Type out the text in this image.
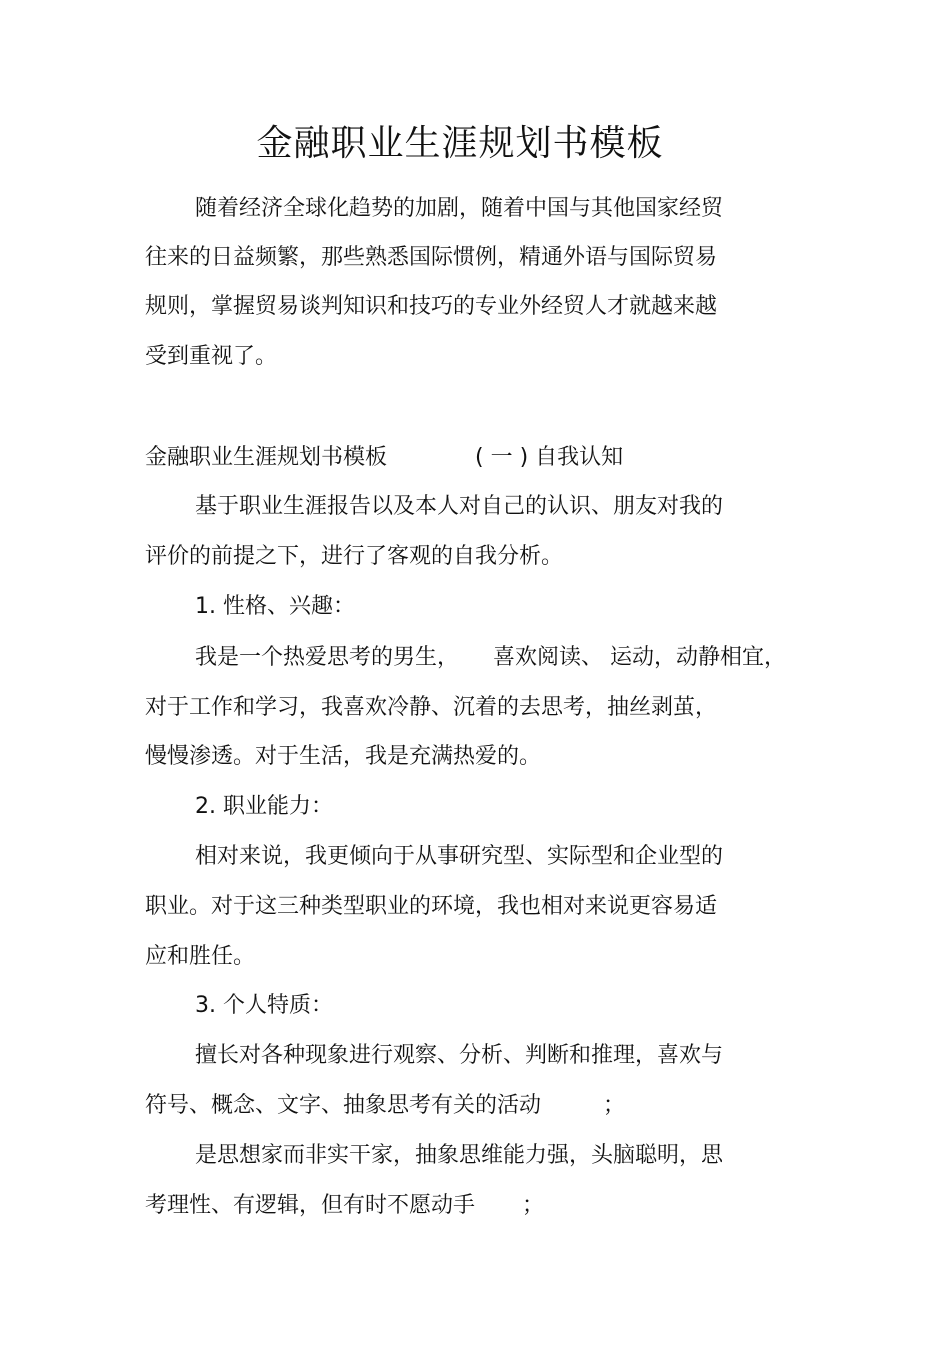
金融职业生涯规划书模板
随着经济全球化趋势的加剧，随着中国与其他国家经贸
往来的日益频繁，那些熟悉国际惯例，精通外语与国际贸易
规则，掌握贸易谈判知识和技巧的专业外经贸人才就越来越
受到重视了。
金融职业生涯规划书模板	( 一 ) 自我认知
基于职业生涯报告以及本人对自己的认识、朋友对我的
评价的前提之下，进行了客观的自我分析。
1. 性格、兴趣：
我是一个热爱思考的男生， 喜欢阅读、 运动，动静相宜，
对于工作和学习，我喜欢冷静、沉着的去思考，抽丝剥茧，
慢慢渗透。对于生活，我是充满热爱的。
2. 职业能力：
相对来说，我更倾向于从事研究型、实际型和企业型的
职业。对于这三种类型职业的环境，我也相对来说更容易适
应和胜任。
3. 个人特质：
擅长对各种现象进行观察、分析、判断和推理，喜欢与
符号、概念、文字、抽象思考有关的活动	；
是思想家而非实干家，抽象思维能力强，头脑聪明，思
考理性、有逻辑，但有时不愿动手 ；
